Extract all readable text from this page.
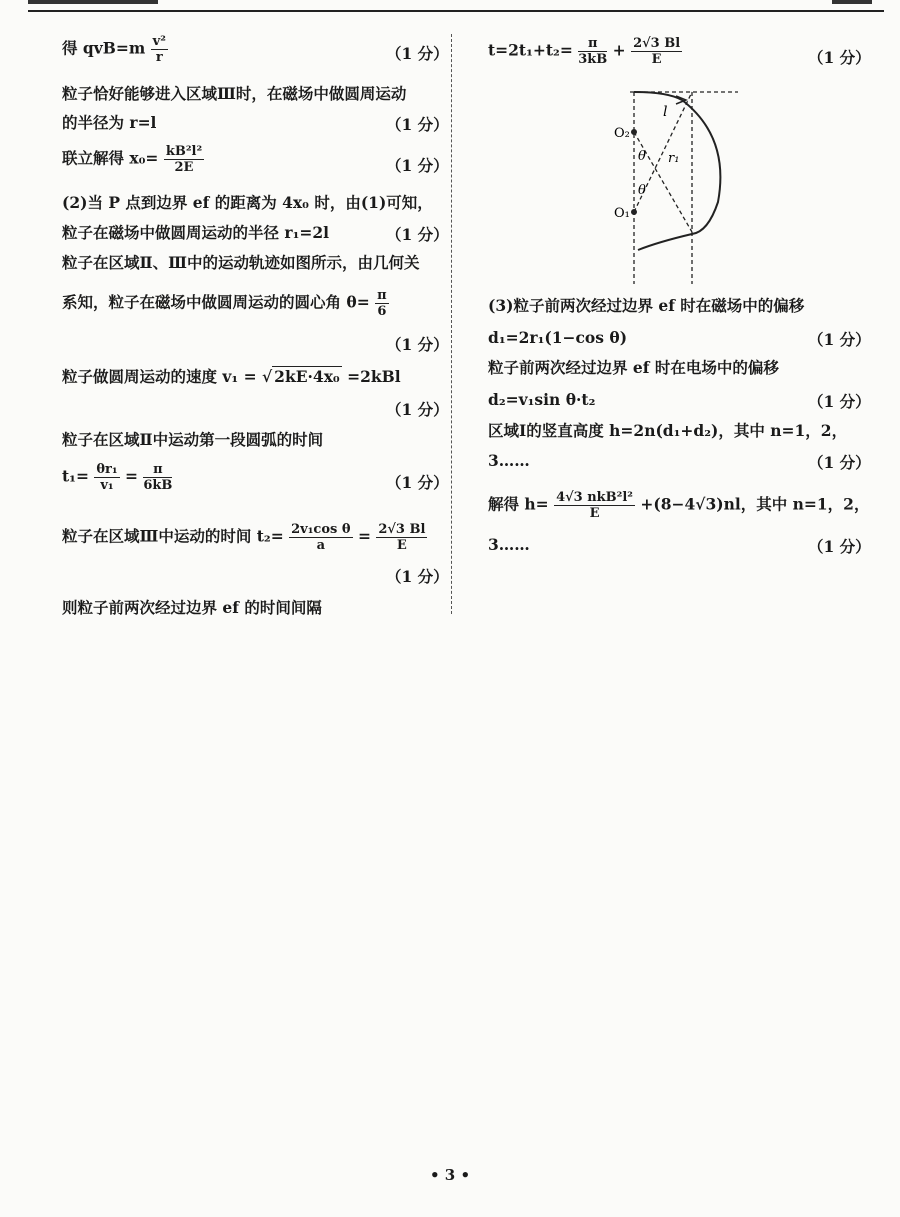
得 $qvB=m \frac{\text{v²}}{r}$	（1 分）
粒子恰好能够进入区域Ⅲ时，在磁场中做圆周运动
的半径为 r=l	（1 分）
联立解得 $x_0= \frac{\text{kB²l²}}{2E}$	（1 分）
(2)当 P 点到边界 ef 的距离为 4x₀ 时，由(1)可知，
粒子在磁场中做圆周运动的半径 r₁=2l	（1 分）
粒子在区域Ⅱ、Ⅲ中的运动轨迹如图所示，由几何关
系知，粒子在磁场中做圆周运动的圆心角 $\theta= \frac{\pi}{6}$
（1 分）
粒子做圆周运动的速度 v₁ = √ 2kE·4x₀ =2kBl
（1 分）
粒子在区域Ⅱ中运动第一段圆弧的时间
$t_1= \frac{\text{θr₁}}{\text{v₁}} = \frac{\pi}{6kB}$	（1 分）
粒子在区域Ⅲ中运动的时间 $t_2= \frac{\text{2v₁cos θ}}{a} = \frac{2√3 Bl}{E}$
（1 分）
则粒子前两次经过边界 ef 的时间间隔
$t=2t_1+t_2= \frac{\pi}{3kB} + \frac{2√3 Bl}{E}$	（1 分）
l
O₂
O₁
θ
θ
r₁
(3)粒子前两次经过边界 ef 时在磁场中的偏移
d₁=2r₁(1−cos θ)	（1 分）
粒子前两次经过边界 ef 时在电场中的偏移
d₂=v₁sin θ·t₂	（1 分）
区域Ⅰ的竖直高度 h=2n(d₁+d₂)，其中 n=1，2，
3……	（1 分）
解得 h= 4√3 nkB²l²
E	+(8−4√3)nl，其中 n=1，2，
3……	（1 分）
• 3 •
